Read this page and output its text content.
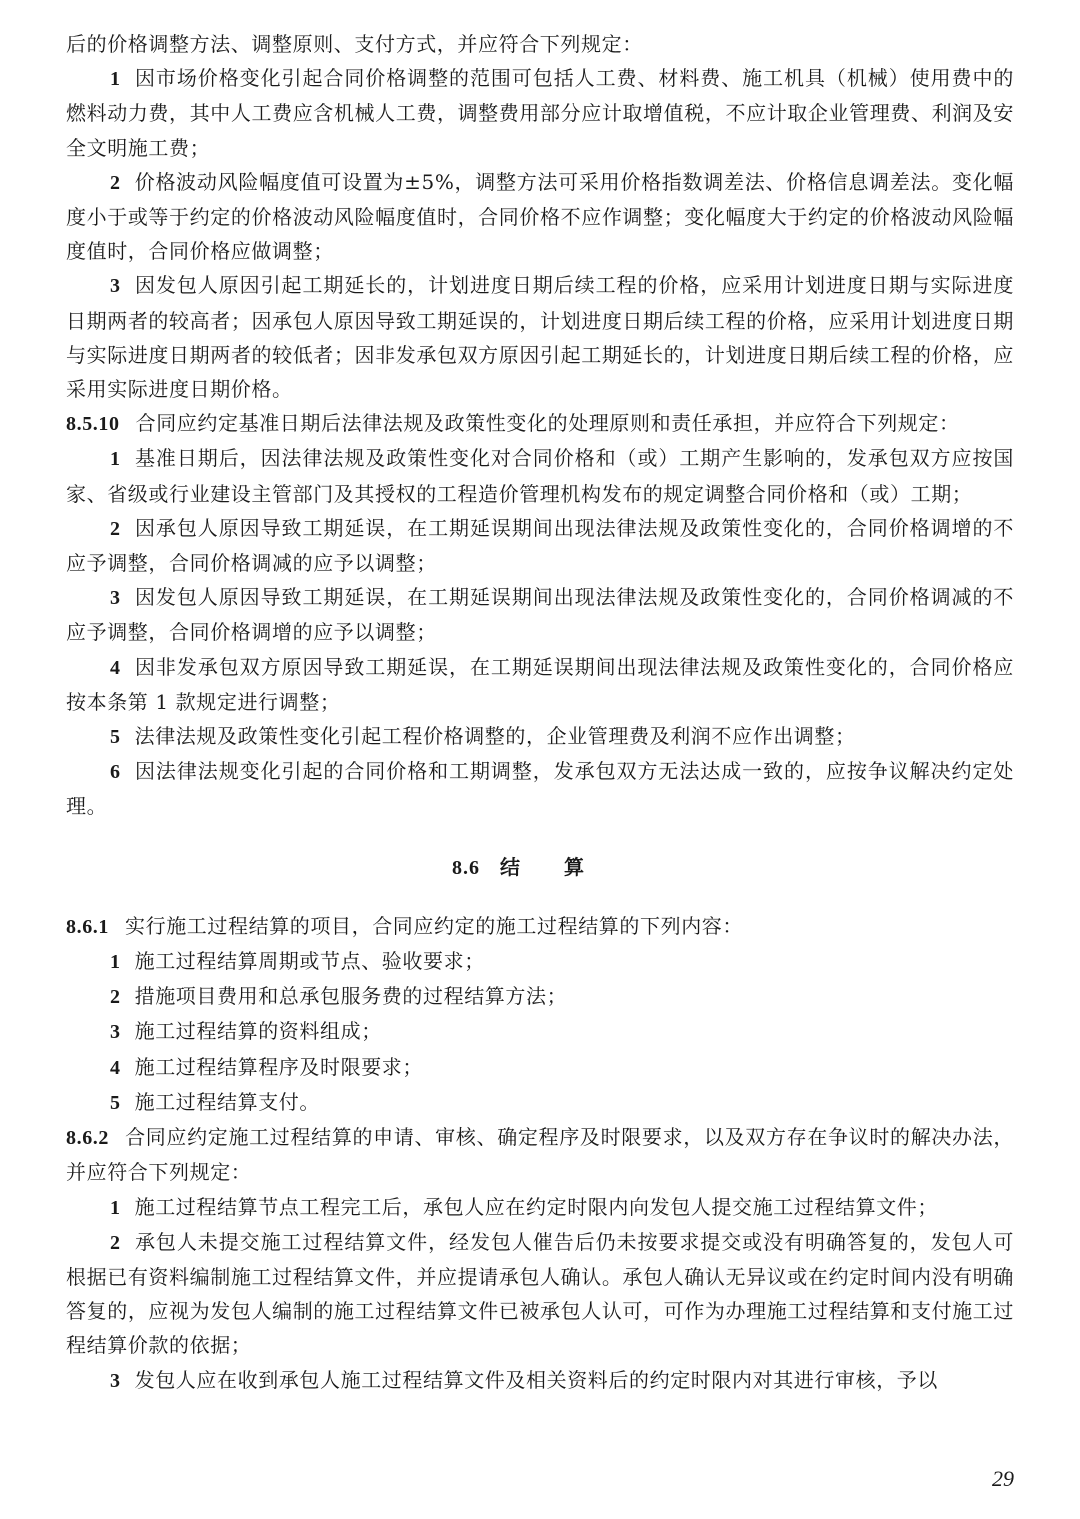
后的价格调整方法、调整原则、支付方式，并应符合下列规定：

1 因市场价格变化引起合同价格调整的范围可包括人工费、材料费、施工机具（机械）使用费中的燃料动力费，其中人工费应含机械人工费，调整费用部分应计取增值税，不应计取企业管理费、利润及安全文明施工费；

2 价格波动风险幅度值可设置为±5%，调整方法可采用价格指数调差法、价格信息调差法。变化幅度小于或等于约定的价格波动风险幅度值时，合同价格不应作调整；变化幅度大于约定的价格波动风险幅度值时，合同价格应做调整；

3 因发包人原因引起工期延长的，计划进度日期后续工程的价格，应采用计划进度日期与实际进度日期两者的较高者；因承包人原因导致工期延误的，计划进度日期后续工程的价格，应采用计划进度日期与实际进度日期两者的较低者；因非发承包双方原因引起工期延长的，计划进度日期后续工程的价格，应采用实际进度日期价格。

8.5.10 合同应约定基准日期后法律法规及政策性变化的处理原则和责任承担，并应符合下列规定：

1 基准日期后，因法律法规及政策性变化对合同价格和（或）工期产生影响的，发承包双方应按国家、省级或行业建设主管部门及其授权的工程造价管理机构发布的规定调整合同价格和（或）工期；

2 因承包人原因导致工期延误，在工期延误期间出现法律法规及政策性变化的，合同价格调增的不应予调整，合同价格调减的应予以调整；

3 因发包人原因导致工期延误，在工期延误期间出现法律法规及政策性变化的，合同价格调减的不应予调整，合同价格调增的应予以调整；

4 因非发承包双方原因导致工期延误，在工期延误期间出现法律法规及政策性变化的，合同价格应按本条第 1 款规定进行调整；

5 法律法规及政策性变化引起工程价格调整的，企业管理费及利润不应作出调整；

6 因法律法规变化引起的合同价格和工期调整，发承包双方无法达成一致的，应按争议解决约定处理。

8.6 结算

8.6.1 实行施工过程结算的项目，合同应约定的施工过程结算的下列内容：

1 施工过程结算周期或节点、验收要求；

2 措施项目费用和总承包服务费的过程结算方法；

3 施工过程结算的资料组成；

4 施工过程结算程序及时限要求；

5 施工过程结算支付。

8.6.2 合同应约定施工过程结算的申请、审核、确定程序及时限要求，以及双方存在争议时的解决办法，并应符合下列规定：

1 施工过程结算节点工程完工后，承包人应在约定时限内向发包人提交施工过程结算文件；

2 承包人未提交施工过程结算文件，经发包人催告后仍未按要求提交或没有明确答复的，发包人可根据已有资料编制施工过程结算文件，并应提请承包人确认。承包人确认无异议或在约定时间内没有明确答复的，应视为发包人编制的施工过程结算文件已被承包人认可，可作为办理施工过程结算和支付施工过程结算价款的依据；

3 发包人应在收到承包人施工过程结算文件及相关资料后的约定时限内对其进行审核，予以

29
